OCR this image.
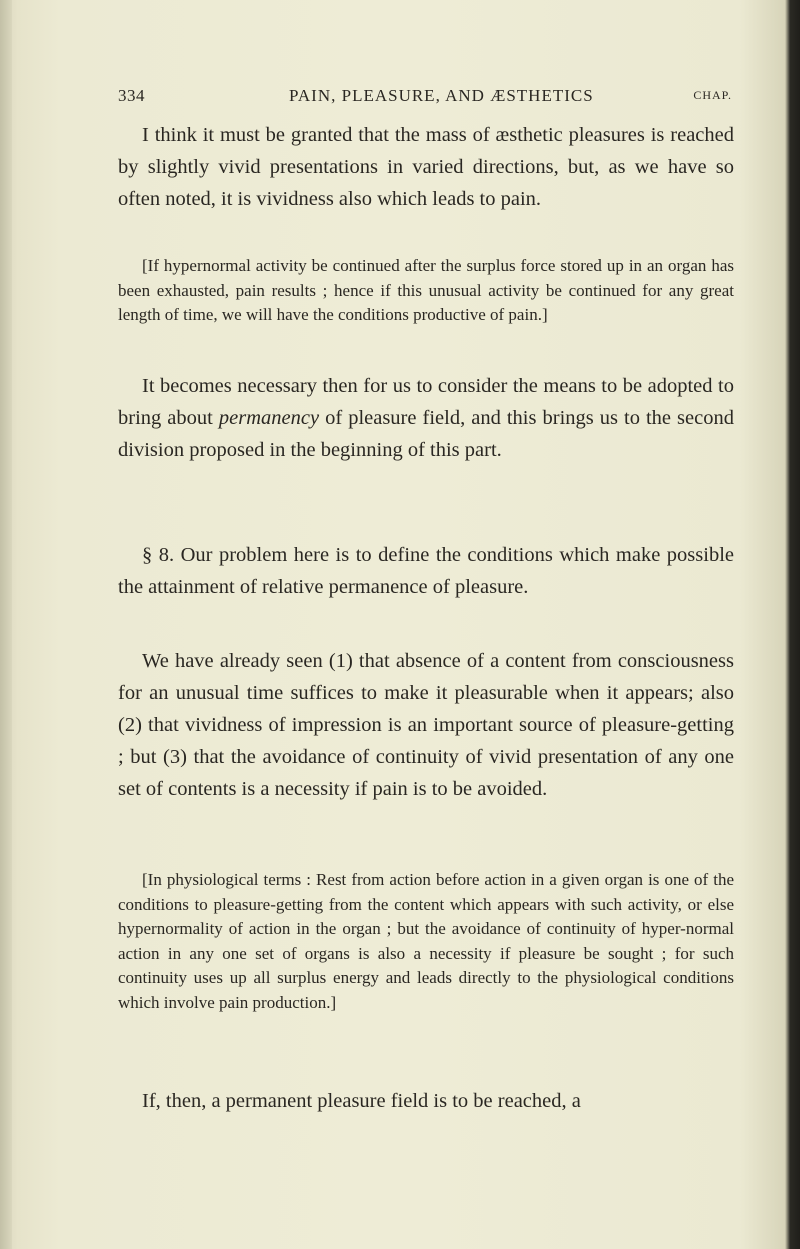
334	PAIN, PLEASURE, AND ÆSTHETICS	CHAP.

I think it must be granted that the mass of æsthetic pleasures is reached by slightly vivid presentations in varied directions, but, as we have so often noted, it is vividness also which leads to pain.

[If hypernormal activity be continued after the surplus force stored up in an organ has been exhausted, pain results ; hence if this unusual activity be continued for any great length of time, we will have the conditions productive of pain.]

It becomes necessary then for us to consider the means to be adopted to bring about permanency of pleasure field, and this brings us to the second division proposed in the beginning of this part.

§ 8. Our problem here is to define the conditions which make possible the attainment of relative permanence of pleasure.

We have already seen (1) that absence of a content from consciousness for an unusual time suffices to make it pleasurable when it appears; also (2) that vividness of impression is an important source of pleasure-getting ; but (3) that the avoidance of continuity of vivid presentation of any one set of contents is a necessity if pain is to be avoided.

[In physiological terms : Rest from action before action in a given organ is one of the conditions to pleasure-getting from the content which appears with such activity, or else hypernormality of action in the organ ; but the avoidance of continuity of hyper-normal action in any one set of organs is also a necessity if pleasure be sought ; for such continuity uses up all surplus energy and leads directly to the physiological conditions which involve pain production.]

If, then, a permanent pleasure field is to be reached, a
